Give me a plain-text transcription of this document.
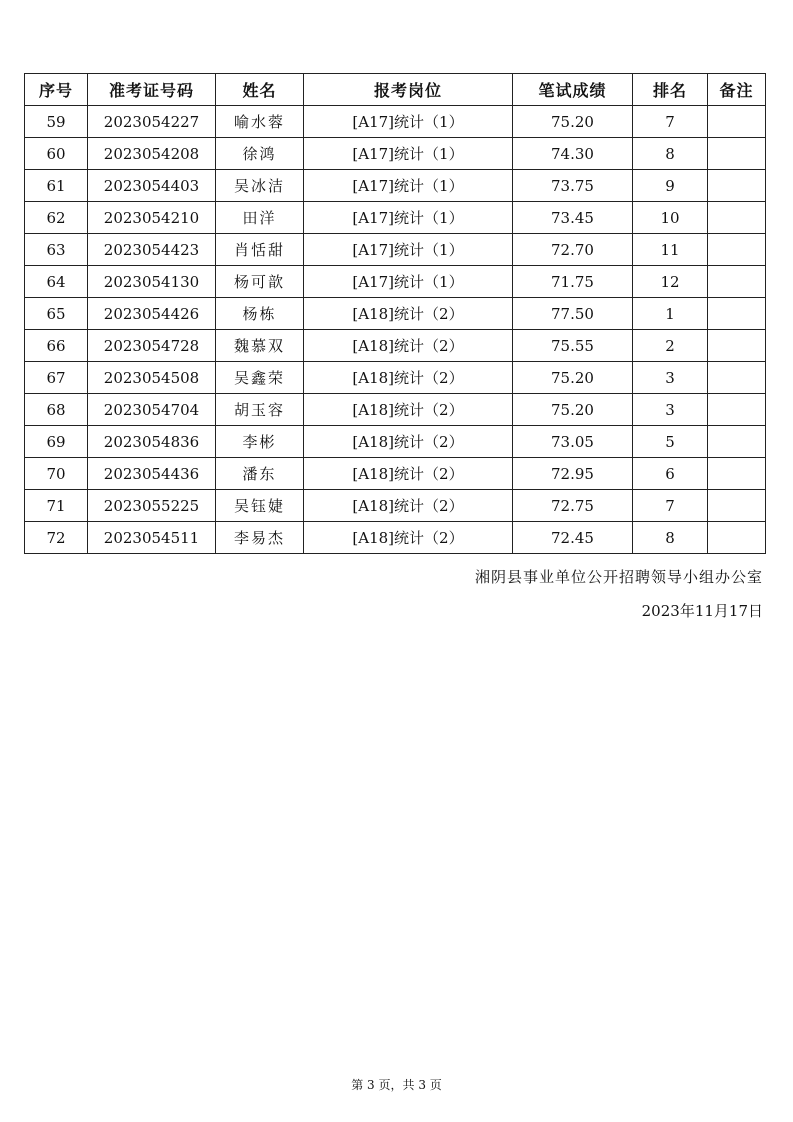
序号	准考证号码	姓名	报考岗位	笔试成绩	排名	备注
59	2023054227	喻水蓉	[A17]统计（1）	75.20	7	
60	2023054208	徐鸿	[A17]统计（1）	74.30	8	
61	2023054403	吴冰洁	[A17]统计（1）	73.75	9	
62	2023054210	田洋	[A17]统计（1）	73.45	10	
63	2023054423	肖恬甜	[A17]统计（1）	72.70	11	
64	2023054130	杨可歆	[A17]统计（1）	71.75	12	
65	2023054426	杨栋	[A18]统计（2）	77.50	1	
66	2023054728	魏慕双	[A18]统计（2）	75.55	2	
67	2023054508	吴鑫荣	[A18]统计（2）	75.20	3	
68	2023054704	胡玉容	[A18]统计（2）	75.20	3	
69	2023054836	李彬	[A18]统计（2）	73.05	5	
70	2023054436	潘东	[A18]统计（2）	72.95	6	
71	2023055225	吴钰婕	[A18]统计（2）	72.75	7	
72	2023054511	李易杰	[A18]统计（2）	72.45	8	
湘阴县事业单位公开招聘领导小组办公室
2023年11月17日
第 3 页，共 3 页
